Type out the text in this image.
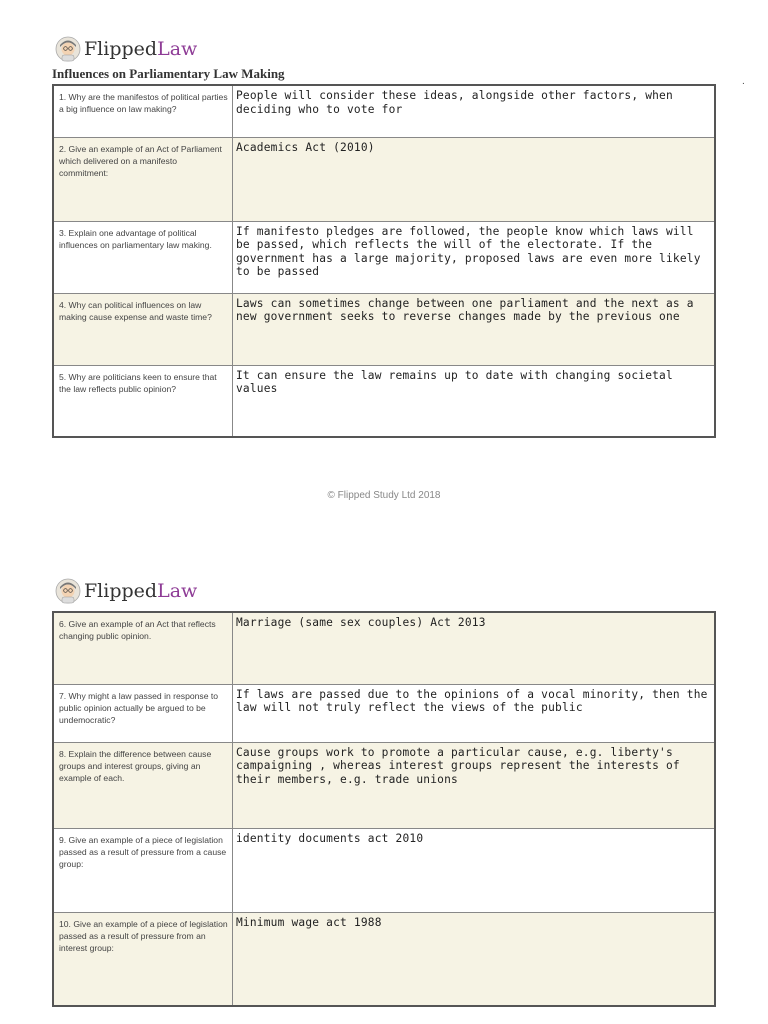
FlippedLaw
Influences on Parliamentary Law Making
.
1. Why are the manifestos of political parties a big influence on law making?	People will consider these ideas, alongside other factors, when deciding who to vote for

2. Give an example of an Act of Parliament which delivered on a manifesto commitment:	Academics Act (2010)

3. Explain one advantage of political influences on parliamentary law making.	If manifesto pledges are followed, the people know which laws will be passed, which reflects the will of the electorate. If the government has a large majority, proposed laws are even more likely to be passed

4. Why can political influences on law making cause expense and waste time?	Laws can sometimes change between one parliament and the next as a new government seeks to reverse changes made by the previous one

5. Why are politicians keen to ensure that the law reflects public opinion?	It can ensure the law remains up to date with changing societal values
© Flipped Study Ltd 2018
FlippedLaw
6. Give an example of an Act that reflects changing public opinion.	Marriage (same sex couples) Act 2013

7. Why might a law passed in response to public opinion actually be argued to be undemocratic?	If laws are passed due to the opinions of a vocal minority, then the law will not truly reflect the views of the public

8. Explain the difference between cause groups and interest groups, giving an example of each.	Cause groups work to promote a particular cause, e.g. liberty's campaigning , whereas interest groups represent the interests of their members, e.g. trade unions

9. Give an example of a piece of legislation passed as a result of pressure from a cause group:	identity documents act 2010

10. Give an example of a piece of legislation passed as a result of pressure from an interest group:	Minimum wage act 1988
